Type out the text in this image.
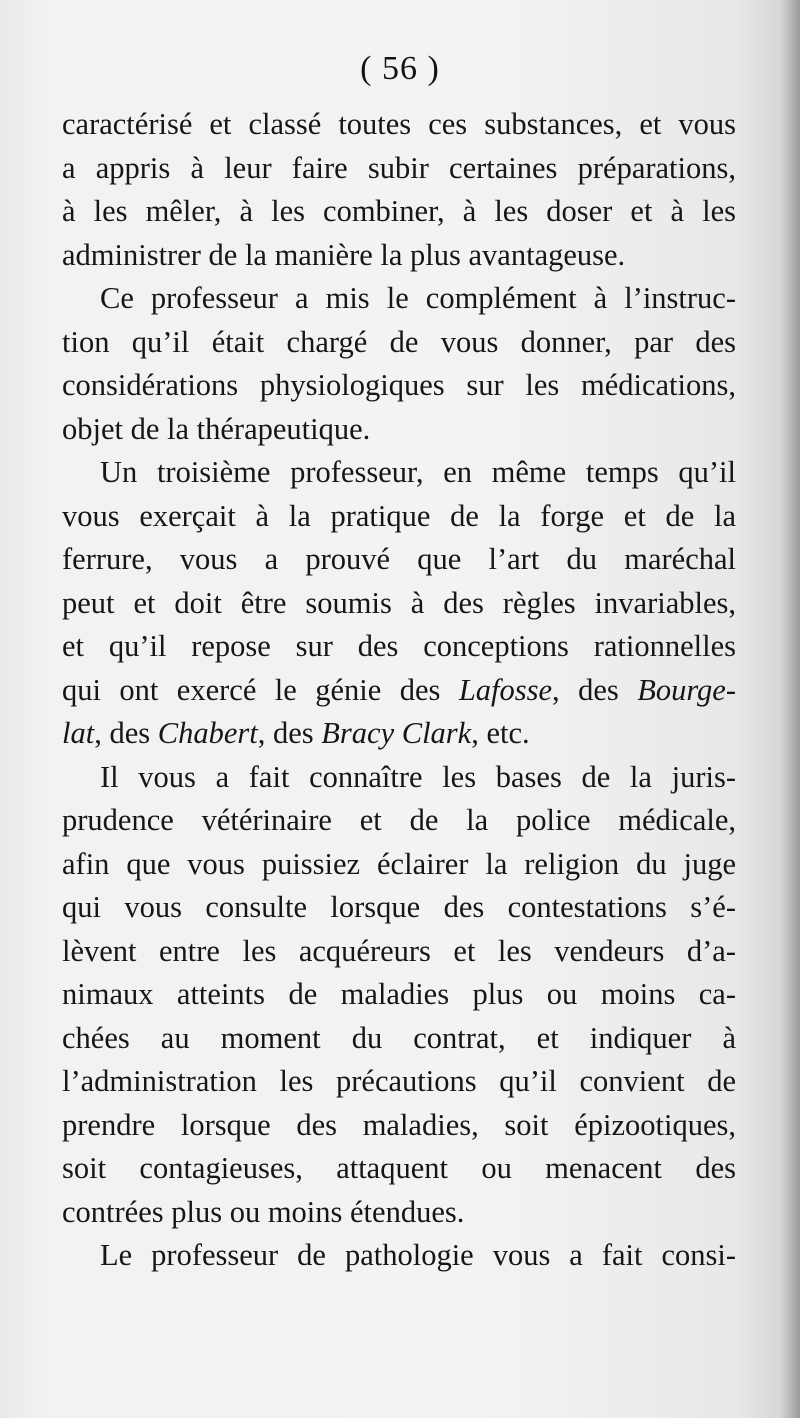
( 56 )
caractérisé et classé toutes ces substances, et vous
a appris à leur faire subir certaines préparations,
à les mêler, à les combiner, à les doser et à les
administrer de la manière la plus avantageuse.
Ce professeur a mis le complément à l’instruc-
tion qu’il était chargé de vous donner, par des
considérations physiologiques sur les médications,
objet de la thérapeutique.
Un troisième professeur, en même temps qu’il
vous exerçait à la pratique de la forge et de la
ferrure, vous a prouvé que l’art du maréchal
peut et doit être soumis à des règles invariables,
et qu’il repose sur des conceptions rationnelles
qui ont exercé le génie des Lafosse, des Bourge-
lat, des Chabert, des Bracy Clark, etc.
Il vous a fait connaître les bases de la juris-
prudence vétérinaire et de la police médicale,
afin que vous puissiez éclairer la religion du juge
qui vous consulte lorsque des contestations s’é-
lèvent entre les acquéreurs et les vendeurs d’a-
nimaux atteints de maladies plus ou moins ca-
chées au moment du contrat, et indiquer à
l’administration les précautions qu’il convient de
prendre lorsque des maladies, soit épizootiques,
soit contagieuses, attaquent ou menacent des
contrées plus ou moins étendues.
Le professeur de pathologie vous a fait consi-
